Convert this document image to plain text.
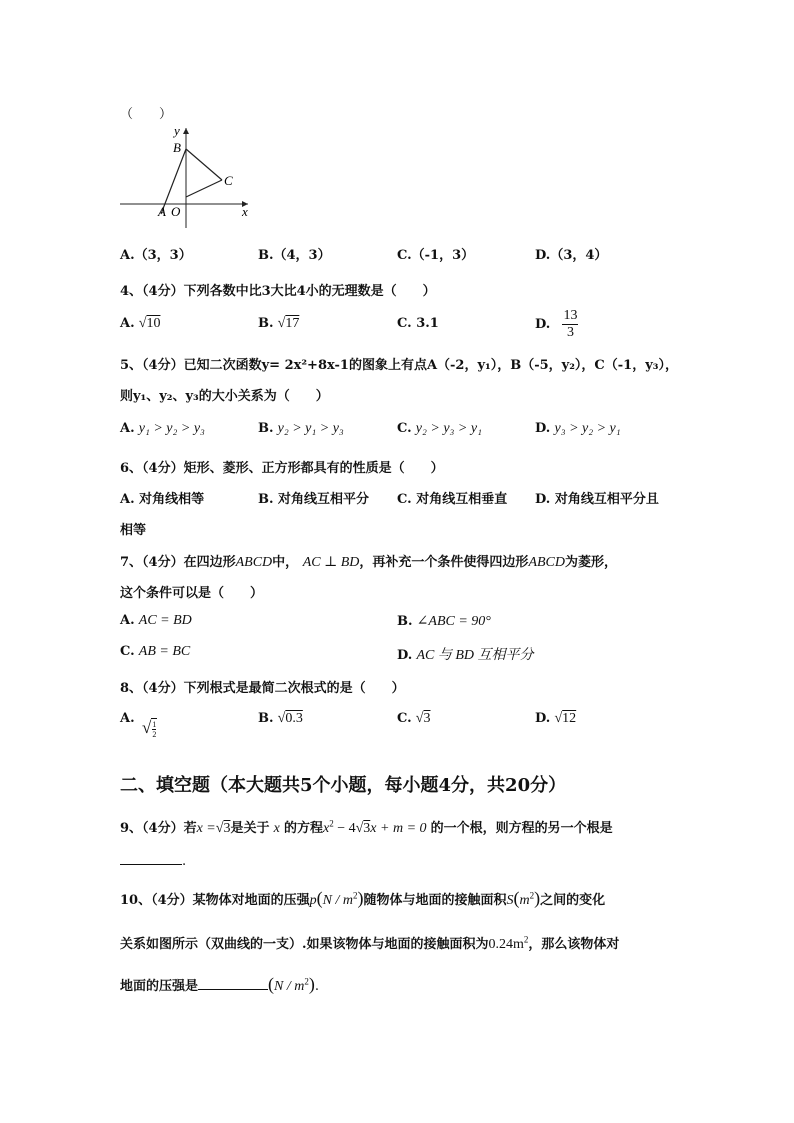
（　　）
y
x
B
C
A O
A.（3，3）	B.（4，3）	C.（-1，3）	D.（3，4）
4、（4分）下列各数中比3大比4小的无理数是（　　）
A. √10	B. √17	C. 3.1	D. $\frac{13}{3}$
5、（4分）已知二次函数y= 2x²+8x-1的图象上有点A（-2，y₁），B（-5，y₂），C（-1，y₃），
则y₁、y₂、y₃的大小关系为（　　）
A. y₁ > y₂ > y₃	B. y₂ > y₁ > y₃	C. y₂ > y₃ > y₁	D. y₃ > y₂ > y₁
6、（4分）矩形、菱形、正方形都具有的性质是（　　）
A. 对角线相等	B. 对角线互相平分 C. 对角线互相垂直 D. 对角线互相平分且
相等
7、（4分）在四边形ABCD中， AC ⊥ BD，再补充一个条件使得四边形ABCD为菱形，
这个条件可以是（　　）
A. AC = BD	B. ∠ABC = 90°
C. AB = BC	D. AC 与 BD 互相平分
8、（4分）下列根式是最简二次根式的是（　　）
A. √ $\frac{1}{2}$	B. √0.3	C. √3	D. √12
二、填空题（本大题共5个小题，每小题4分，共20分）
9、（4分）若x =√3是关于 x 的方程$x^2 - 4√3x + m = 0$ 的一个根，则方程的另一个根是
.
10、（4分）某物体对地面的压强$p(N / m^2)$随物体与地面的接触面积$S(m^2)$之间的变化
关系如图所示（双曲线的一支）.如果该物体与地面的接触面积为$0.24m^2$，那么该物体对
地面的压强是	$(N / m^2)$.
